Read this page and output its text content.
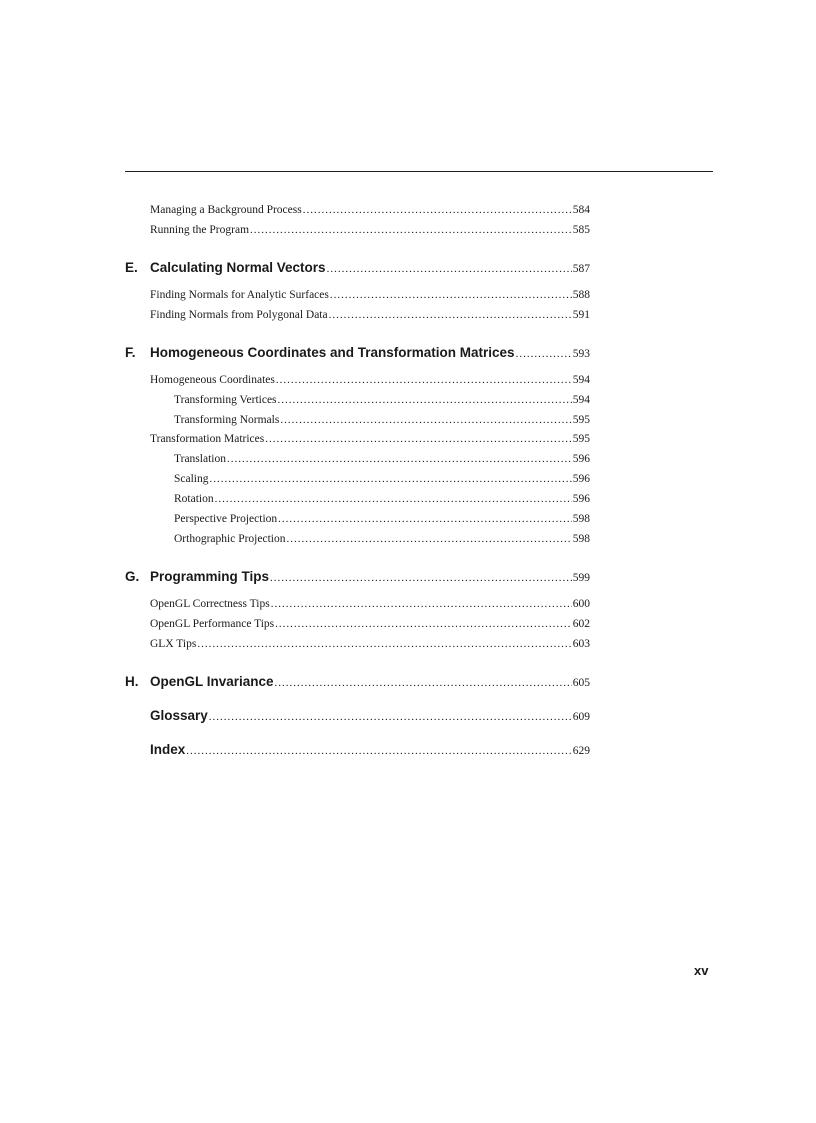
Managing a Background Process .....	584
Running the Program .....	585
E. Calculating Normal Vectors .....	587
Finding Normals for Analytic Surfaces .....	588
Finding Normals from Polygonal Data .....	591
F. Homogeneous Coordinates and Transformation Matrices .....	593
Homogeneous Coordinates .....	594
Transforming Vertices .....	594
Transforming Normals .....	595
Transformation Matrices .....	595
Translation .....	596
Scaling .....	596
Rotation .....	596
Perspective Projection .....	598
Orthographic Projection .....	598
G. Programming Tips .....	599
OpenGL Correctness Tips .....	600
OpenGL Performance Tips .....	602
GLX Tips .....	603
H. OpenGL Invariance .....	605
Glossary .....	609
Index .....	629
xv
